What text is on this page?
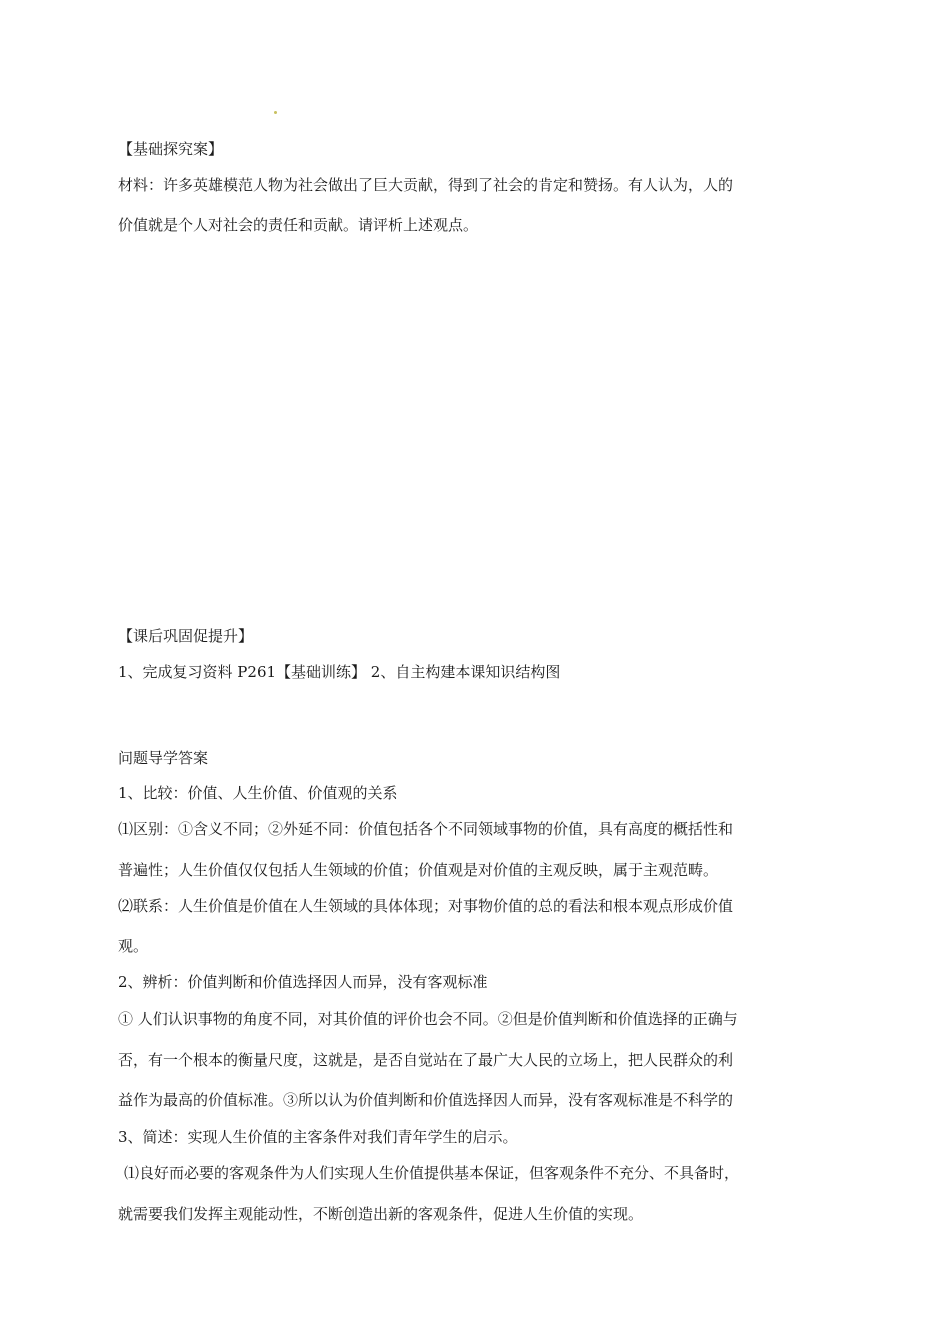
【基础探究案】
材料：许多英雄模范人物为社会做出了巨大贡献，得到了社会的肯定和赞扬。有人认为，人的
价值就是个人对社会的责任和贡献。请评析上述观点。
【课后巩固促提升】
1、完成复习资料 P261【基础训练】 2、自主构建本课知识结构图
问题导学答案
1、比较：价值、人生价值、价值观的关系
⑴区别：①含义不同；②外延不同：价值包括各个不同领域事物的价值，具有高度的概括性和
普遍性；人生价值仅仅包括人生领域的价值；价值观是对价值的主观反映，属于主观范畴。
⑵联系：人生价值是价值在人生领域的具体体现；对事物价值的总的看法和根本观点形成价值
观。
2、辨析：价值判断和价值选择因人而异，没有客观标准
① 人们认识事物的角度不同，对其价值的评价也会不同。②但是价值判断和价值选择的正确与
否，有一个根本的衡量尺度，这就是，是否自觉站在了最广大人民的立场上，把人民群众的利
益作为最高的价值标准。③所以认为价值判断和价值选择因人而异，没有客观标准是不科学的
3、简述：实现人生价值的主客条件对我们青年学生的启示。
⑴良好而必要的客观条件为人们实现人生价值提供基本保证，但客观条件不充分、不具备时，
就需要我们发挥主观能动性，不断创造出新的客观条件，促进人生价值的实现。
